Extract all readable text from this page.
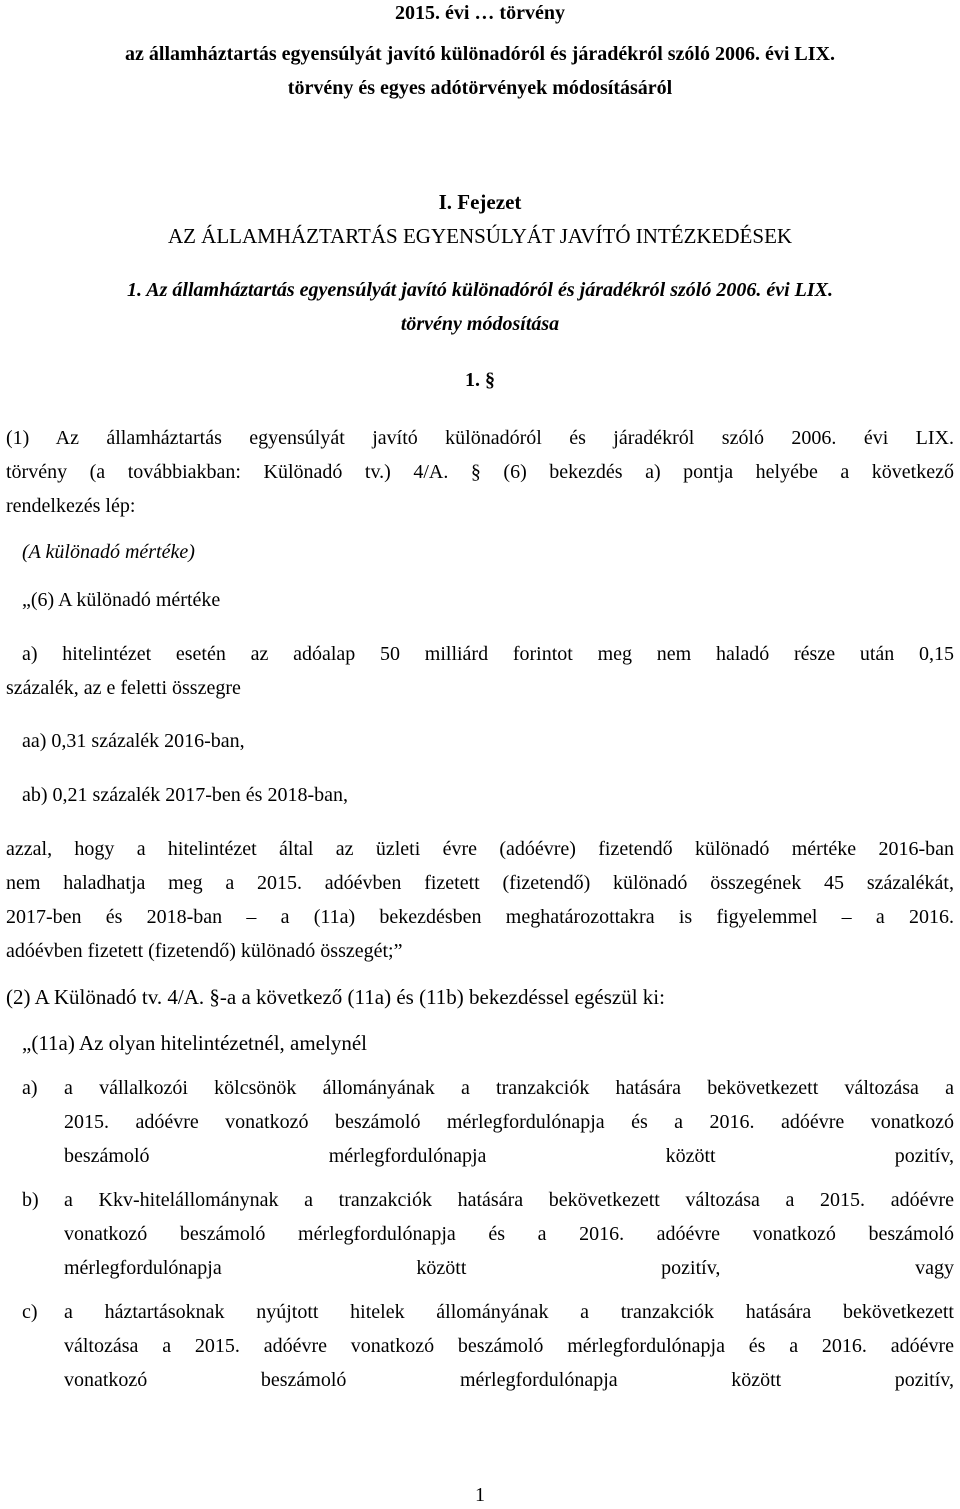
2015. évi … törvény
az államháztartás egyensúlyát javító különadóról és járadékról szóló 2006. évi LIX.
törvény és egyes adótörvények módosításáról
I. Fejezet
AZ ÁLLAMHÁZTARTÁS EGYENSÚLYÁT JAVÍTÓ INTÉZKEDÉSEK
1. Az államháztartás egyensúlyát javító különadóról és járadékról szóló 2006. évi LIX.
törvény módosítása
1. §
(1) Az államháztartás egyensúlyát javító különadóról és járadékról szóló 2006. évi LIX.
törvény (a továbbiakban: Különadó tv.) 4/A. § (6) bekezdés a) pontja helyébe a következő
rendelkezés lép:
(A különadó mértéke)
„(6) A különadó mértéke
a) hitelintézet esetén az adóalap 50 milliárd forintot meg nem haladó része után 0,15
százalék, az e feletti összegre
aa) 0,31 százalék 2016-ban,
ab) 0,21 százalék 2017-ben és 2018-ban,
azzal, hogy a hitelintézet által az üzleti évre (adóévre) fizetendő különadó mértéke 2016-ban
nem haladhatja meg a 2015. adóévben fizetett (fizetendő) különadó összegének 45 százalékát,
2017-ben és 2018-ban – a (11a) bekezdésben meghatározottakra is figyelemmel – a 2016.
adóévben fizetett (fizetendő) különadó összegét;”
(2) A Különadó tv. 4/A. §-a a következő (11a) és (11b) bekezdéssel egészül ki:
„(11a) Az olyan hitelintézetnél, amelynél
a) a vállalkozói kölcsönök állományának a tranzakciók hatására bekövetkezett változása a
2015. adóévre vonatkozó beszámoló mérlegfordulónapja és a 2016. adóévre vonatkozó
beszámoló mérlegfordulónapja között pozitív,
b) a Kkv-hitelállománynak a tranzakciók hatására bekövetkezett változása a 2015. adóévre
vonatkozó beszámoló mérlegfordulónapja és a 2016. adóévre vonatkozó beszámoló
mérlegfordulónapja között pozitív, vagy
c) a háztartásoknak nyújtott hitelek állományának a tranzakciók hatására bekövetkezett
változása a 2015. adóévre vonatkozó beszámoló mérlegfordulónapja és a 2016. adóévre
vonatkozó beszámoló mérlegfordulónapja között pozitív,
1
